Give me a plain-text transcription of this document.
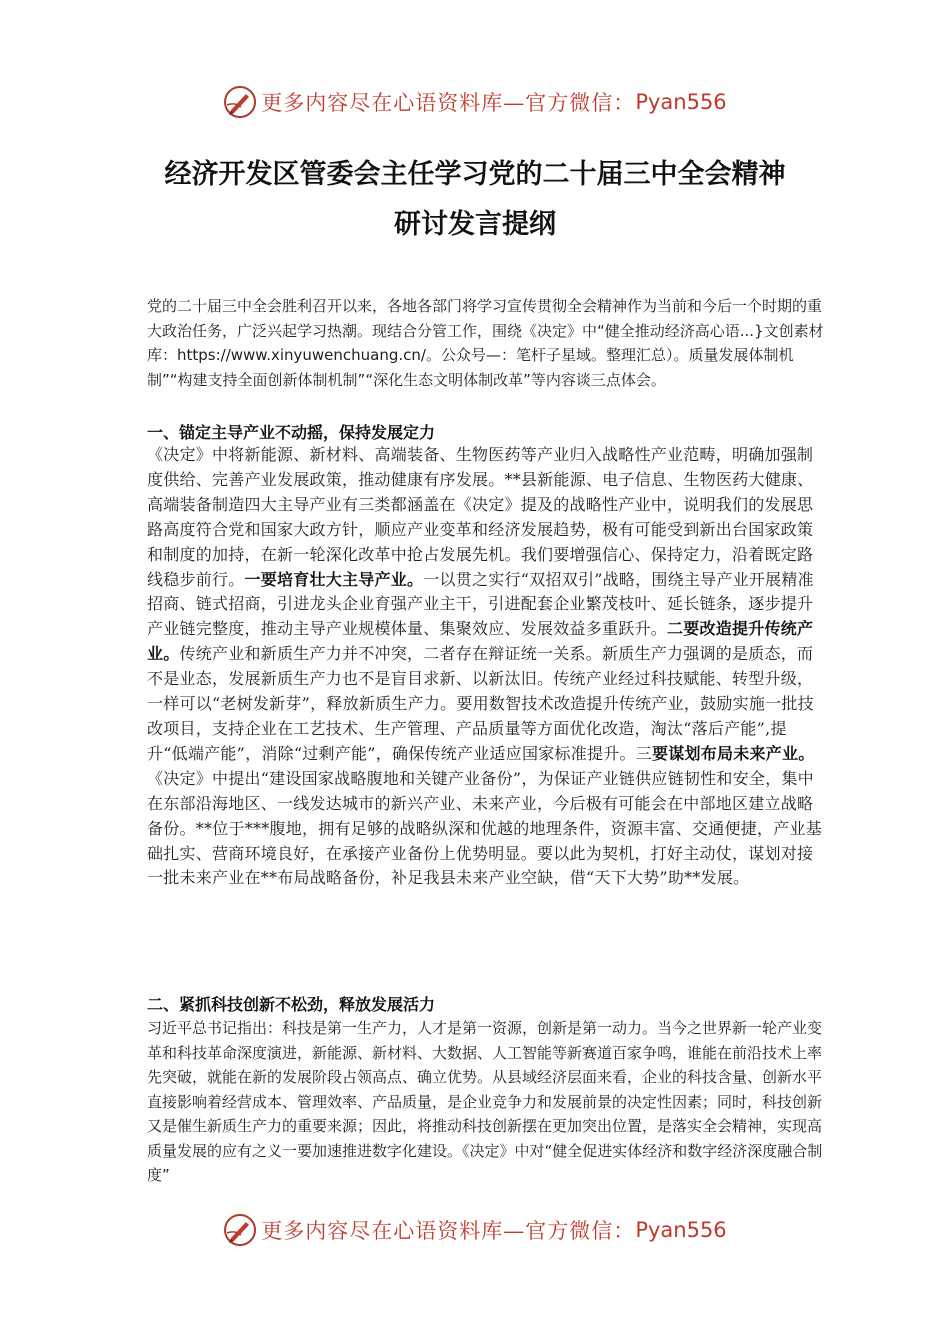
更多内容尽在心语资料库—官方微信： Pyan556
经济开发区管委会主任学习党的二十届三中全会精神
研讨发言提纲

党的二十届三中全会胜利召开以来，各地各部门将学习宣传贯彻全会精神作为当前和今后一个时期的重大政治任务，广泛兴起学习热潮。现结合分管工作，围绕《决定》中“健全推动经济高心语...}文创素材库：https://www.xinyuwenchuang.cn/。公众号—：笔杆子星域。整理汇总）。质量发展体制机制”“构建支持全面创新体制机制”“深化生态文明体制改革”等内容谈三点体会。

一、锚定主导产业不动摇，保持发展定力

《决定》中将新能源、新材料、高端装备、生物医药等产业归入战略性产业范畴，明确加强制度供给、完善产业发展政策，推动健康有序发展。**县新能源、电子信息、生物医药大健康、高端装备制造四大主导产业有三类都涵盖在《决定》提及的战略性产业中，说明我们的发展思路高度符合党和国家大政方针，顺应产业变革和经济发展趋势，极有可能受到新出台国家政策和制度的加持，在新一轮深化改革中抢占发展先机。我们要增强信心、保持定力，沿着既定路线稳步前行。一要培育壮大主导产业。一以贯之实行“双招双引”战略，围绕主导产业开展精准招商、链式招商，引进龙头企业育强产业主干，引进配套企业繁茂枝叶、延长链条，逐步提升产业链完整度，推动主导产业规模体量、集聚效应、发展效益多重跃升。二要改造提升传统产业。传统产业和新质生产力并不冲突，二者存在辩证统一关系。新质生产力强调的是质态，而不是业态，发展新质生产力也不是盲目求新、以新汰旧。传统产业经过科技赋能、转型升级，一样可以“老树发新芽”，释放新质生产力。要用数智技术改造提升传统产业，鼓励实施一批技改项目，支持企业在工艺技术、生产管理、产品质量等方面优化改造，淘汰“落后产能”,提升“低端产能”，消除“过剩产能”，确保传统产业适应国家标准提升。三要谋划布局未来产业。《决定》中提出“建设国家战略腹地和关键产业备份”，为保证产业链供应链韧性和安全，集中在东部沿海地区、一线发达城市的新兴产业、未来产业，今后极有可能会在中部地区建立战略备份。**位于***腹地，拥有足够的战略纵深和优越的地理条件，资源丰富、交通便捷，产业基础扎实、营商环境良好，在承接产业备份上优势明显。要以此为契机，打好主动仗，谋划对接一批未来产业在**布局战略备份，补足我县未来产业空缺，借“天下大势”助**发展。

二、紧抓科技创新不松劲，释放发展活力

习近平总书记指出：科技是第一生产力，人才是第一资源，创新是第一动力。当今之世界新一轮产业变革和科技革命深度演进，新能源、新材料、大数据、人工智能等新赛道百家争鸣，谁能在前沿技术上率先突破，就能在新的发展阶段占领高点、确立优势。从县域经济层面来看，企业的科技含量、创新水平直接影响着经营成本、管理效率、产品质量，是企业竞争力和发展前景的决定性因素；同时，科技创新又是催生新质生产力的重要来源；因此，将推动科技创新摆在更加突出位置，是落实全会精神，实现高质量发展的应有之义一要加速推进数字化建设。《决定》中对“健全促进实体经济和数字经济深度融合制度”

更多内容尽在心语资料库—官方微信： Pyan556
